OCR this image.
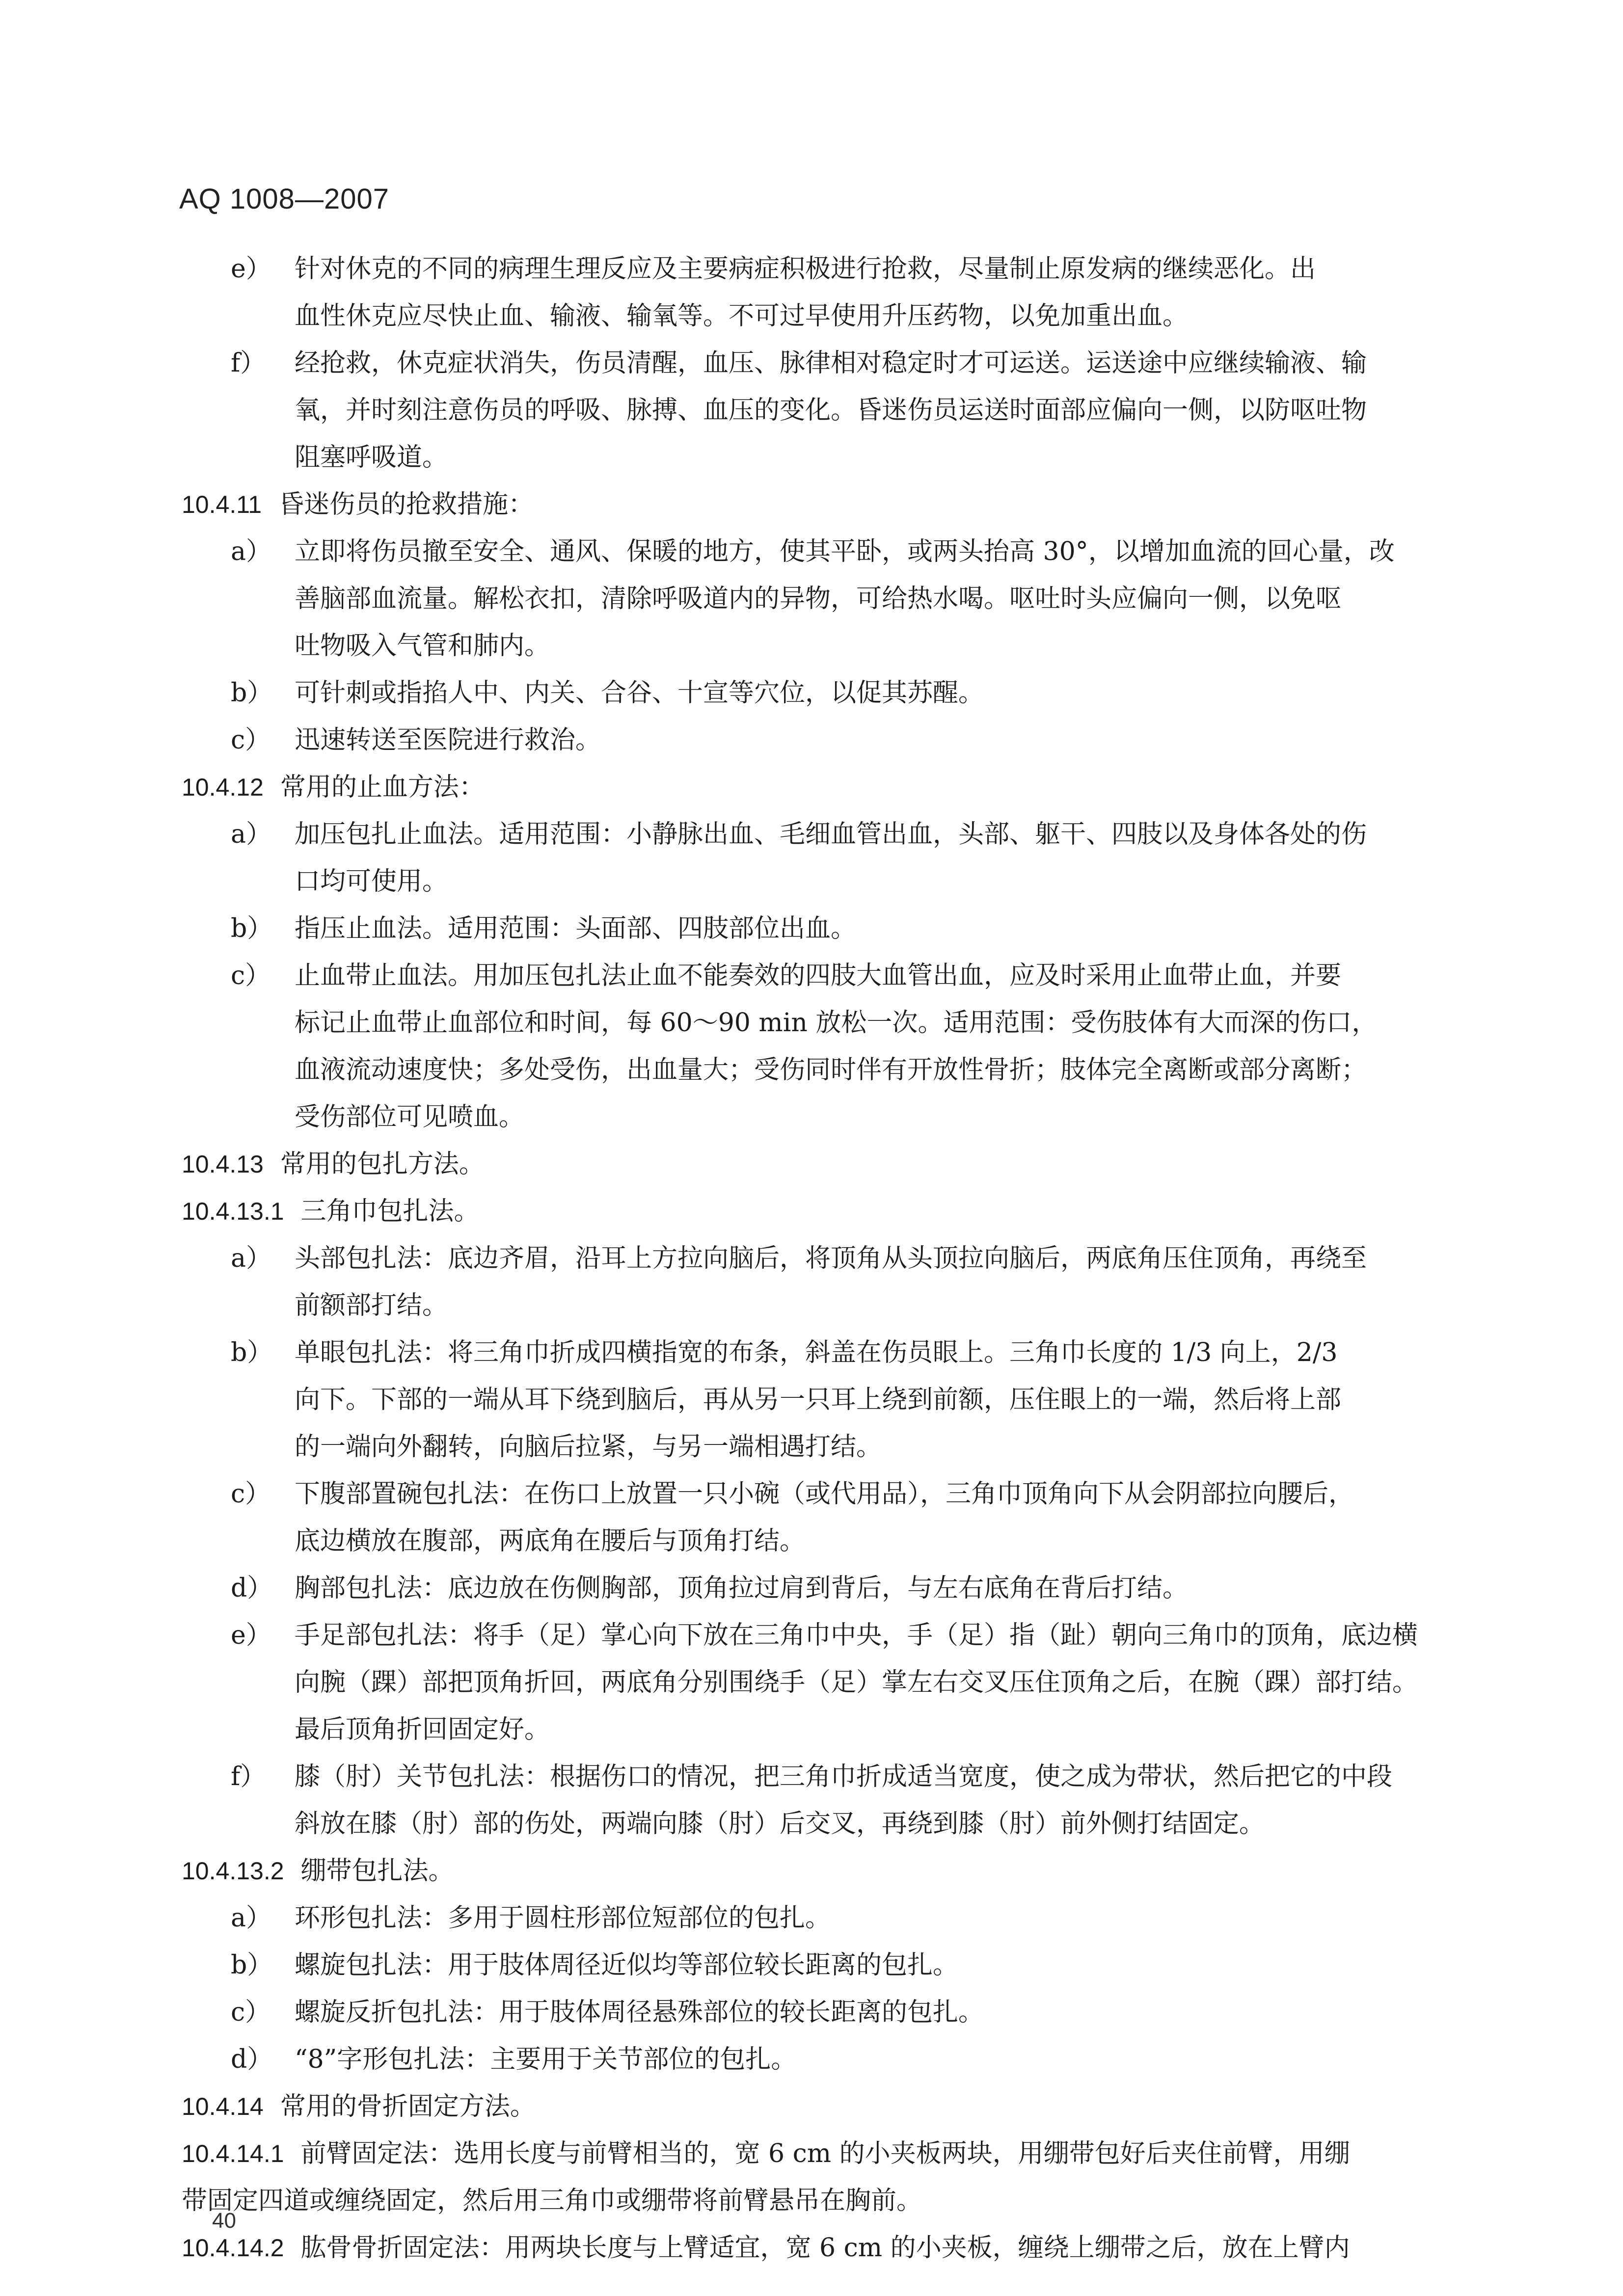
AQ 1008—2007
e） 针对休克的不同的病理生理反应及主要病症积极进行抢救，尽量制止原发病的继续恶化。出
血性休克应尽快止血、输液、输氧等。不可过早使用升压药物，以免加重出血。
f） 经抢救，休克症状消失，伤员清醒，血压、脉律相对稳定时才可运送。运送途中应继续输液、输
氧，并时刻注意伤员的呼吸、脉搏、血压的变化。昏迷伤员运送时面部应偏向一侧，以防呕吐物
阻塞呼吸道。
10.4.11 昏迷伤员的抢救措施：
a） 立即将伤员撤至安全、通风、保暖的地方，使其平卧，或两头抬高 30°，以增加血流的回心量，改
善脑部血流量。解松衣扣，清除呼吸道内的异物，可给热水喝。呕吐时头应偏向一侧，以免呕
吐物吸入气管和肺内。
b） 可针刺或指掐人中、内关、合谷、十宣等穴位，以促其苏醒。
c） 迅速转送至医院进行救治。
10.4.12 常用的止血方法：
a） 加压包扎止血法。适用范围：小静脉出血、毛细血管出血，头部、躯干、四肢以及身体各处的伤
口均可使用。
b） 指压止血法。适用范围：头面部、四肢部位出血。
c） 止血带止血法。用加压包扎法止血不能奏效的四肢大血管出血，应及时采用止血带止血，并要
标记止血带止血部位和时间，每 60～90 min 放松一次。适用范围：受伤肢体有大而深的伤口，
血液流动速度快；多处受伤，出血量大；受伤同时伴有开放性骨折；肢体完全离断或部分离断；
受伤部位可见喷血。
10.4.13 常用的包扎方法。
10.4.13.1 三角巾包扎法。
a） 头部包扎法：底边齐眉，沿耳上方拉向脑后，将顶角从头顶拉向脑后，两底角压住顶角，再绕至
前额部打结。
b） 单眼包扎法：将三角巾折成四横指宽的布条，斜盖在伤员眼上。三角巾长度的 1/3 向上，2/3
向下。下部的一端从耳下绕到脑后，再从另一只耳上绕到前额，压住眼上的一端，然后将上部
的一端向外翻转，向脑后拉紧，与另一端相遇打结。
c） 下腹部置碗包扎法：在伤口上放置一只小碗（或代用品），三角巾顶角向下从会阴部拉向腰后，
底边横放在腹部，两底角在腰后与顶角打结。
d） 胸部包扎法：底边放在伤侧胸部，顶角拉过肩到背后，与左右底角在背后打结。
e） 手足部包扎法：将手（足）掌心向下放在三角巾中央，手（足）指（趾）朝向三角巾的顶角，底边横
向腕（踝）部把顶角折回，两底角分别围绕手（足）掌左右交叉压住顶角之后，在腕（踝）部打结。
最后顶角折回固定好。
f） 膝（肘）关节包扎法：根据伤口的情况，把三角巾折成适当宽度，使之成为带状，然后把它的中段
斜放在膝（肘）部的伤处，两端向膝（肘）后交叉，再绕到膝（肘）前外侧打结固定。
10.4.13.2 绷带包扎法。
a） 环形包扎法：多用于圆柱形部位短部位的包扎。
b） 螺旋包扎法：用于肢体周径近似均等部位较长距离的包扎。
c） 螺旋反折包扎法：用于肢体周径悬殊部位的较长距离的包扎。
d） “8”字形包扎法：主要用于关节部位的包扎。
10.4.14 常用的骨折固定方法。
10.4.14.1 前臂固定法：选用长度与前臂相当的，宽 6 cm 的小夹板两块，用绷带包好后夹住前臂，用绷
带固定四道或缠绕固定，然后用三角巾或绷带将前臂悬吊在胸前。
10.4.14.2 肱骨骨折固定法：用两块长度与上臂适宜，宽 6 cm 的小夹板，缠绕上绷带之后，放在上臂内
40
